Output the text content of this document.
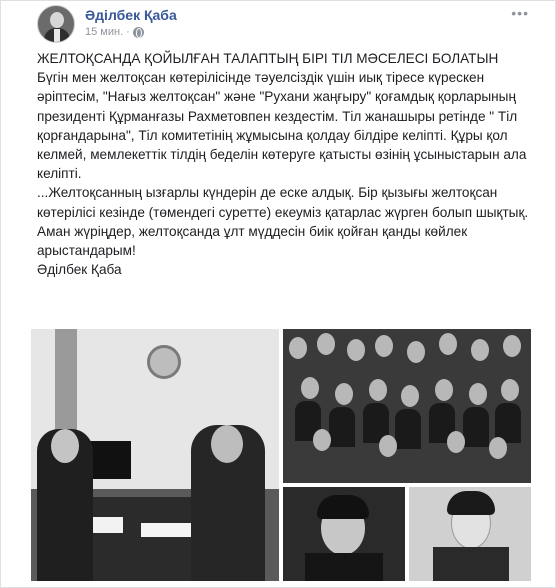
Әділбек Қаба
15 мин. ·
•••

ЖЕЛТОҚСАНДА ҚОЙЫЛҒАН ТАЛАПТЫҢ БІРІ ТІЛ МӘСЕЛЕСІ БОЛАТЫН

Бүгін мен желтоқсан көтерілісінде тәуелсіздік үшін иық тіресе күрескен әріптесім, "Нағыз желтоқсан" және "Рухани жаңғыру" қоғамдық қорларының президенті Құрманғазы Рахметовпен кездестім. Тіл жанашыры ретінде " Тіл қорғандарына", Тіл комитетінің жұмысына қолдау білдіре келіпті. Құры қол келмей, мемлекеттік тілдің беделін көтеруге қатысты өзінің ұсыныстарын ала келіпті.

...Желтоқсанның ызғарлы күндерін де еске алдық. Бір қызығы желтоқсан көтерілісі кезінде (төмендегі суретте) екеуміз қатарлас жүрген болып шықтық.

Аман жүріңдер, желтоқсанда ұлт мүддесін биік қойған қанды көйлек арыстандарым!

Әділбек Қаба
